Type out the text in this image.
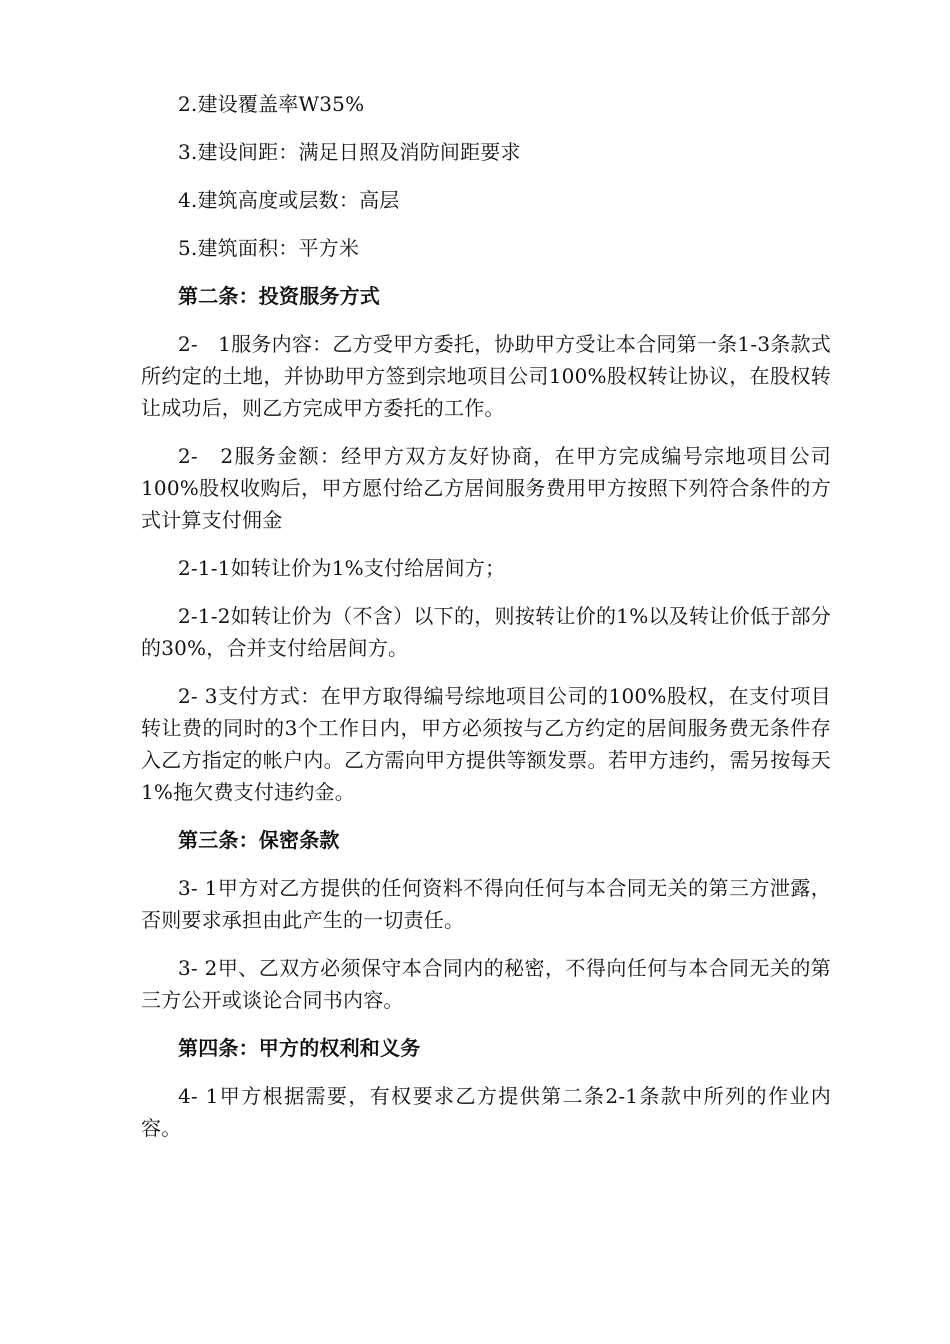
2.建设覆盖率W35%

3.建设间距：满足日照及消防间距要求

4.建筑高度或层数：高层

5.建筑面积：平方米

第二条：投资服务方式

2-　1服务内容：乙方受甲方委托，协助甲方受让本合同第一条1-3条款式所约定的土地，并协助甲方签到宗地项目公司100%股权转让协议，在股权转让成功后，则乙方完成甲方委托的工作。

2-　2服务金额：经甲方双方友好协商，在甲方完成编号宗地项目公司100%股权收购后，甲方愿付给乙方居间服务费用甲方按照下列符合条件的方式计算支付佣金

2-1-1如转让价为1%支付给居间方；

2-1-2如转让价为（不含）以下的，则按转让价的1%以及转让价低于部分的30%，合并支付给居间方。

2- 3支付方式：在甲方取得编号综地项目公司的100%股权，在支付项目转让费的同时的3个工作日内，甲方必须按与乙方约定的居间服务费无条件存入乙方指定的帐户内。乙方需向甲方提供等额发票。若甲方违约，需另按每天1%拖欠费支付违约金。

第三条：保密条款

3- 1甲方对乙方提供的任何资料不得向任何与本合同无关的第三方泄露，否则要求承担由此产生的一切责任。

3- 2甲、乙双方必须保守本合同内的秘密，不得向任何与本合同无关的第三方公开或谈论合同书内容。

第四条：甲方的权利和义务

4- 1甲方根据需要，有权要求乙方提供第二条2-1条款中所列的作业内容。
